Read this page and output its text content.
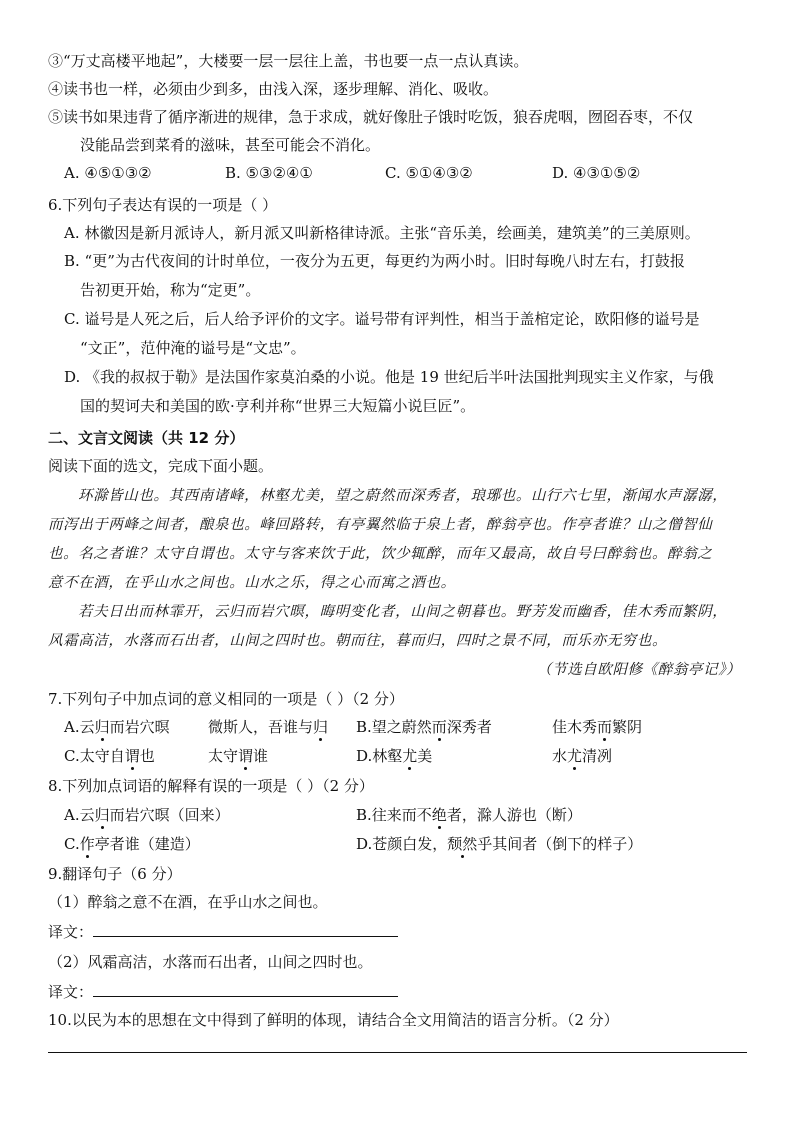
③“万丈高楼平地起”，大楼要一层一层往上盖，书也要一点一点认真读。
④读书也一样，必须由少到多，由浅入深，逐步理解、消化、吸收。
⑤读书如果违背了循序渐进的规律，急于求成，就好像肚子饿时吃饭，狼吞虎咽，囫囵吞枣，不仅
没能品尝到菜肴的滋味，甚至可能会不消化。
A. ④⑤①③②	B. ⑤③②④①	C. ⑤①④③②	D. ④③①⑤②
6.下列句子表达有误的一项是（ ）
A. 林徽因是新月派诗人，新月派又叫新格律诗派。主张“音乐美，绘画美，建筑美”的三美原则。
B. “更”为古代夜间的计时单位，一夜分为五更，每更约为两小时。旧时每晚八时左右，打鼓报
告初更开始，称为“定更”。
C. 谥号是人死之后，后人给予评价的文字。谥号带有评判性，相当于盖棺定论，欧阳修的谥号是
“文正”，范仲淹的谥号是“文忠”。
D. 《我的叔叔于勒》是法国作家莫泊桑的小说。他是 19 世纪后半叶法国批判现实主义作家，与俄
国的契诃夫和美国的欧·亨利并称“世界三大短篇小说巨匠”。
二、文言文阅读（共 12 分）
阅读下面的选文，完成下面小题。
环滁皆山也。其西南诸峰，林壑尤美，望之蔚然而深秀者，琅琊也。山行六七里，渐闻水声潺潺，
而泻出于两峰之间者，酿泉也。峰回路转，有亭翼然临于泉上者，醉翁亭也。作亭者谁？山之僧智仙
也。名之者谁？太守自谓也。太守与客来饮于此，饮少辄醉，而年又最高，故自号曰醉翁也。醉翁之
意不在酒，在乎山水之间也。山水之乐，得之心而寓之酒也。
若夫日出而林霏开，云归而岩穴暝，晦明变化者，山间之朝暮也。野芳发而幽香，佳木秀而繁阴，
风霜高洁，水落而石出者，山间之四时也。朝而往，暮而归，四时之景不同，而乐亦无穷也。
（节选自欧阳修《醉翁亭记》）
7.下列句子中加点词的意义相同的一项是（ ）（2 分）
A.云归而岩穴暝	微斯人，吾谁与归 B.望之蔚然而深秀者	佳木秀而繁阴
C.太守自谓也	太守谓谁	D.林壑尤美	水尤清冽
8.下列加点词语的解释有误的一项是（ ）（2 分）
A.云归而岩穴暝（回来）	B.往来而不绝者，滁人游也（断）
C.作亭者谁（建造）	D.苍颜白发，颓然乎其间者（倒下的样子）
9.翻译句子（6 分）
（1）醉翁之意不在酒，在乎山水之间也。
译文：
（2）风霜高洁，水落而石出者，山间之四时也。
译文：
10.以民为本的思想在文中得到了鲜明的体现，请结合全文用简洁的语言分析。（2 分）
